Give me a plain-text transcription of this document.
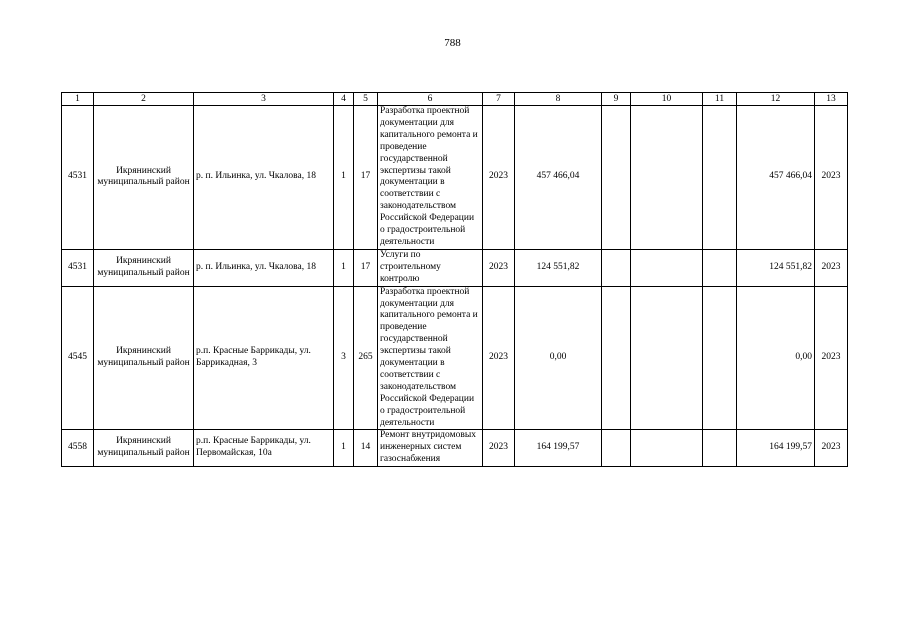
788
1	2	3	4	5	6	7	8	9	10	11	12	13
4531	Икрянинский муниципальный район	р. п. Ильинка, ул. Чкалова, 18	1	17	Разработка проектной документации для капитального ремонта и проведение государственной экспертизы такой документации в соответствии с законодательством Российской Федерации о градостроительной деятельности	2023	457 466,04				457 466,04	2023
4531	Икрянинский муниципальный район	р. п. Ильинка, ул. Чкалова, 18	1	17	Услуги по строительному контролю	2023	124 551,82				124 551,82	2023
4545	Икрянинский муниципальный район	р.п. Красные Баррикады, ул. Баррикадная, 3	3	265	Разработка проектной документации для капитального ремонта и проведение государственной экспертизы такой документации в соответствии с законодательством Российской Федерации о градостроительной деятельности	2023	0,00				0,00	2023
4558	Икрянинский муниципальный район	р.п. Красные Баррикады, ул. Первомайская, 10а	1	14	Ремонт внутридомовых инженерных систем газоснабжения	2023	164 199,57				164 199,57	2023
